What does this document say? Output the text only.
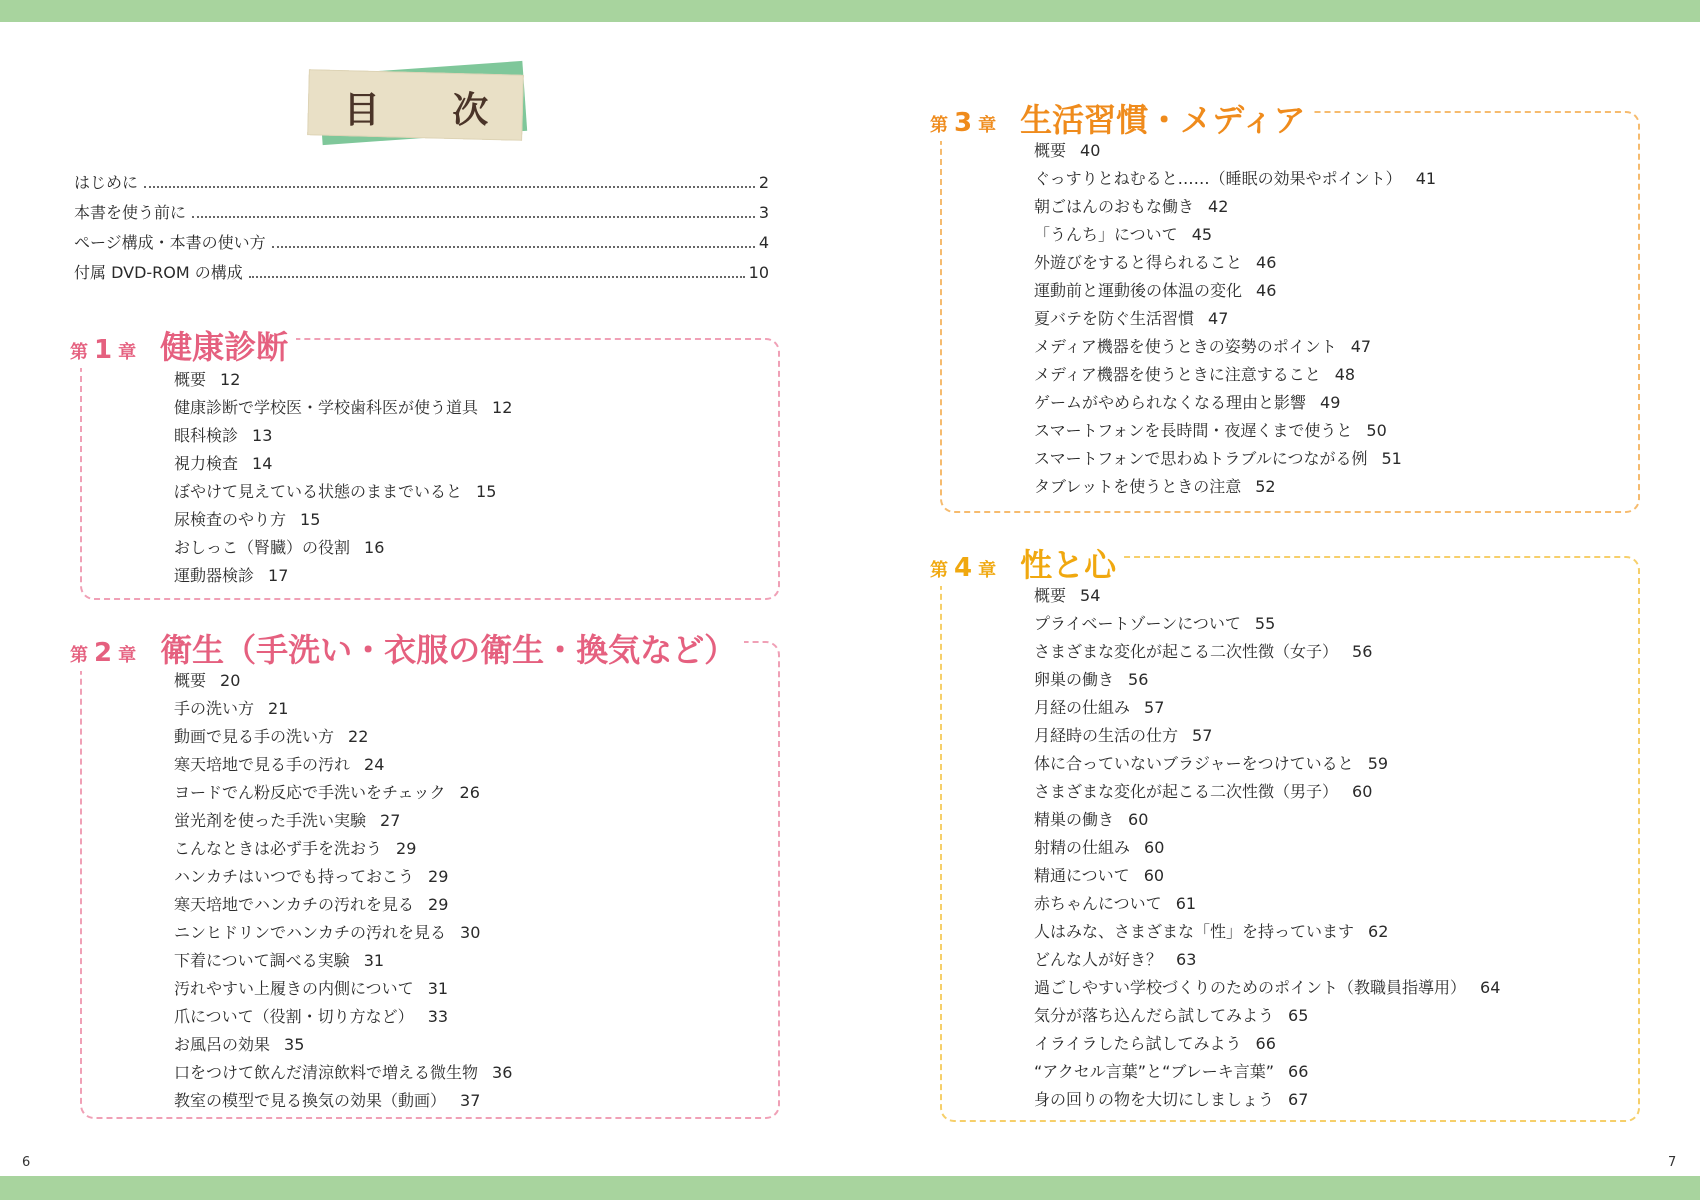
目 次
はじめに	2
本書を使う前に	3
ページ構成・本書の使い方	4
付属 DVD-ROM の構成	10
第 1 章 健康診断
概要 12
健康診断で学校医・学校歯科医が使う道具 12
眼科検診 13
視力検査 14
ぼやけて見えている状態のままでいると 15
尿検査のやり方 15
おしっこ（腎臓）の役割 16
運動器検診 17
第 2 章 衛生（手洗い・衣服の衛生・換気など）
概要 20
手の洗い方 21
動画で見る手の洗い方 22
寒天培地で見る手の汚れ 24
ヨードでん粉反応で手洗いをチェック 26
蛍光剤を使った手洗い実験 27
こんなときは必ず手を洗おう 29
ハンカチはいつでも持っておこう 29
寒天培地でハンカチの汚れを見る 29
ニンヒドリンでハンカチの汚れを見る 30
下着について調べる実験 31
汚れやすい上履きの内側について 31
爪について（役割・切り方など） 33
お風呂の効果 35
口をつけて飲んだ清涼飲料で増える微生物 36
教室の模型で見る換気の効果（動画） 37
第 3 章 生活習慣・メディア
概要 40
ぐっすりとねむると……（睡眠の効果やポイント） 41
朝ごはんのおもな働き 42
「うんち」について 45
外遊びをすると得られること 46
運動前と運動後の体温の変化 46
夏バテを防ぐ生活習慣 47
メディア機器を使うときの姿勢のポイント 47
メディア機器を使うときに注意すること 48
ゲームがやめられなくなる理由と影響 49
スマートフォンを長時間・夜遅くまで使うと 50
スマートフォンで思わぬトラブルにつながる例 51
タブレットを使うときの注意 52
第 4 章 性と心
概要 54
プライベートゾーンについて 55
さまざまな変化が起こる二次性徴（女子） 56
卵巣の働き 56
月経の仕組み 57
月経時の生活の仕方 57
体に合っていないブラジャーをつけていると 59
さまざまな変化が起こる二次性徴（男子） 60
精巣の働き 60
射精の仕組み 60
精通について 60
赤ちゃんについて 61
人はみな、さまざまな「性」を持っています 62
どんな人が好き？ 63
過ごしやすい学校づくりのためのポイント（教職員指導用） 64
気分が落ち込んだら試してみよう 65
イライラしたら試してみよう 66
“アクセル言葉”と“ブレーキ言葉” 66
身の回りの物を大切にしましょう 67
6	7
